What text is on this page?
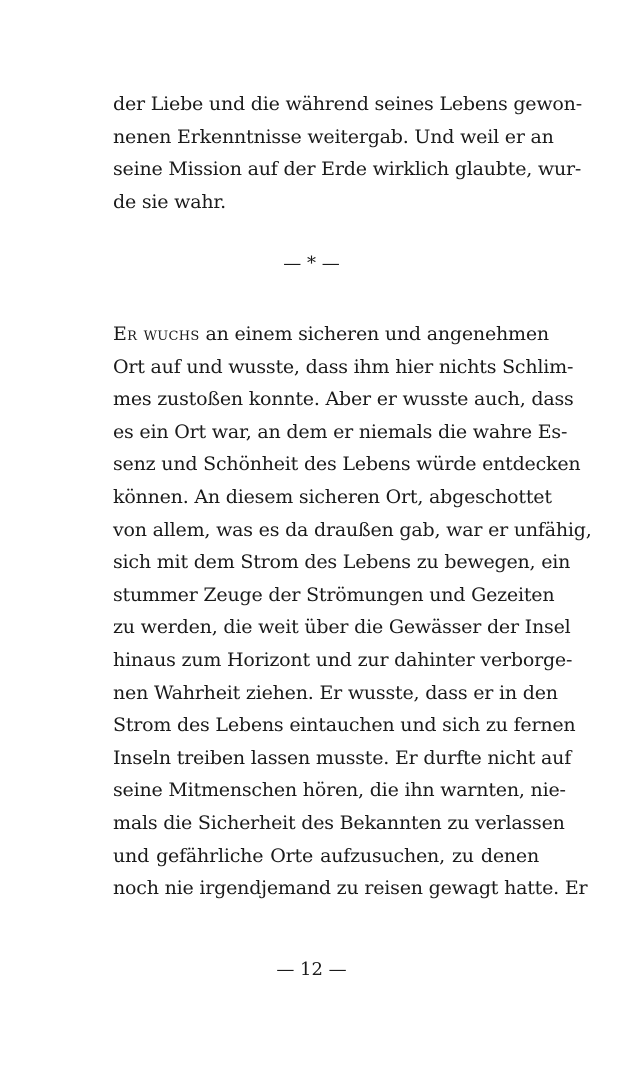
der Liebe und die während seines Lebens gewon-
nenen Erkenntnisse weitergab. Und weil er an
seine Mission auf der Erde wirklich glaubte, wur-
de sie wahr.

— * —

Er wuchs an einem sicheren und angenehmen
Ort auf und wusste, dass ihm hier nichts Schlim-
mes zustoßen konnte. Aber er wusste auch, dass
es ein Ort war, an dem er niemals die wahre Es-
senz und Schönheit des Lebens würde entdecken
können. An diesem sicheren Ort, abgeschottet
von allem, was es da draußen gab, war er unfähig,
sich mit dem Strom des Lebens zu bewegen, ein
stummer Zeuge der Strömungen und Gezeiten
zu werden, die weit über die Gewässer der Insel
hinaus zum Horizont und zur dahinter verborge-
nen Wahrheit ziehen. Er wusste, dass er in den
Strom des Lebens eintauchen und sich zu fernen
Inseln treiben lassen musste. Er durfte nicht auf
seine Mitmenschen hören, die ihn warnten, nie-
mals die Sicherheit des Bekannten zu verlassen
und gefährliche Orte aufzusuchen, zu denen
noch nie irgendjemand zu reisen gewagt hatte. Er

— 12 —
